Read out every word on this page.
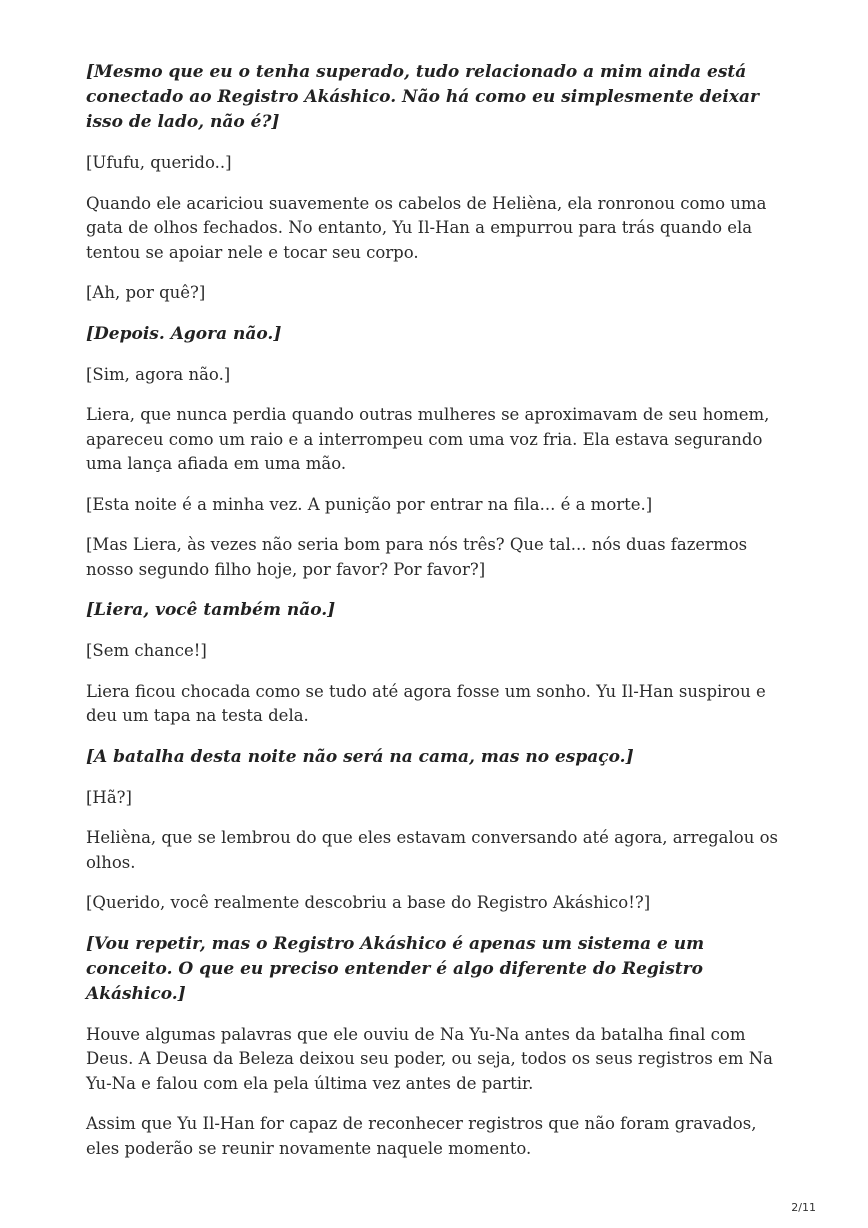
[Mesmo que eu o tenha superado, tudo relacionado a mim ainda está conectado ao Registro Akáshico. Não há como eu simplesmente deixar isso de lado, não é?]

[Ufufu, querido..]

Quando ele acariciou suavemente os cabelos de Helièna, ela ronronou como uma gata de olhos fechados. No entanto, Yu Il-Han a empurrou para trás quando ela tentou se apoiar nele e tocar seu corpo.

[Ah, por quê?]

[Depois. Agora não.]

[Sim, agora não.]

Liera, que nunca perdia quando outras mulheres se aproximavam de seu homem, apareceu como um raio e a interrompeu com uma voz fria. Ela estava segurando uma lança afiada em uma mão.

[Esta noite é a minha vez. A punição por entrar na fila... é a morte.]

[Mas Liera, às vezes não seria bom para nós três? Que tal... nós duas fazermos nosso segundo filho hoje, por favor? Por favor?]

[Liera, você também não.]

[Sem chance!]

Liera ficou chocada como se tudo até agora fosse um sonho. Yu Il-Han suspirou e deu um tapa na testa dela.

[A batalha desta noite não será na cama, mas no espaço.]

[Hã?]

Helièna, que se lembrou do que eles estavam conversando até agora, arregalou os olhos.

[Querido, você realmente descobriu a base do Registro Akáshico!?]

[Vou repetir, mas o Registro Akáshico é apenas um sistema e um conceito. O que eu preciso entender é algo diferente do Registro Akáshico.]

Houve algumas palavras que ele ouviu de Na Yu-Na antes da batalha final com Deus. A Deusa da Beleza deixou seu poder, ou seja, todos os seus registros em Na Yu-Na e falou com ela pela última vez antes de partir.

Assim que Yu Il-Han for capaz de reconhecer registros que não foram gravados, eles poderão se reunir novamente naquele momento.

2/11
